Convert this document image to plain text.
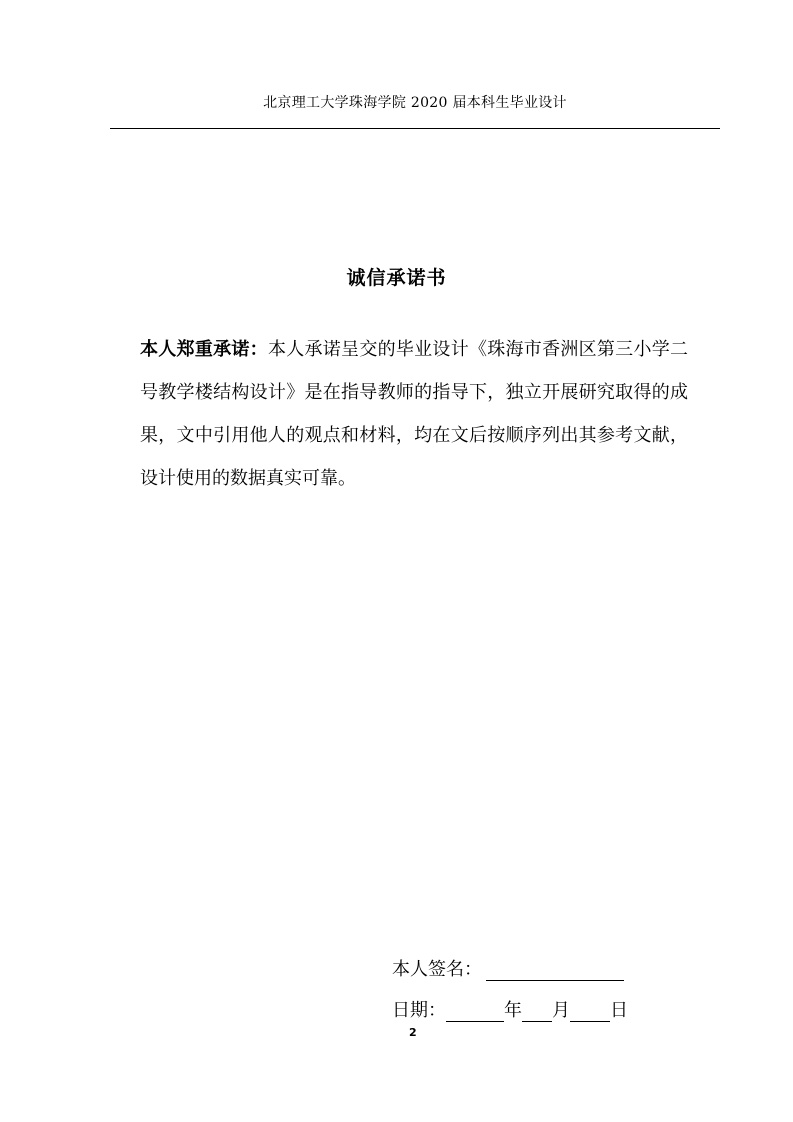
北京理工大学珠海学院 2020 届本科生毕业设计
诚信承诺书
本人郑重承诺：本人承诺呈交的毕业设计《珠海市香洲区第三小学二号教学楼结构设计》是在指导教师的指导下，独立开展研究取得的成果，文中引用他人的观点和材料，均在文后按顺序列出其参考文献，设计使用的数据真实可靠。
本人签名：
日期：	年 月 日
2
